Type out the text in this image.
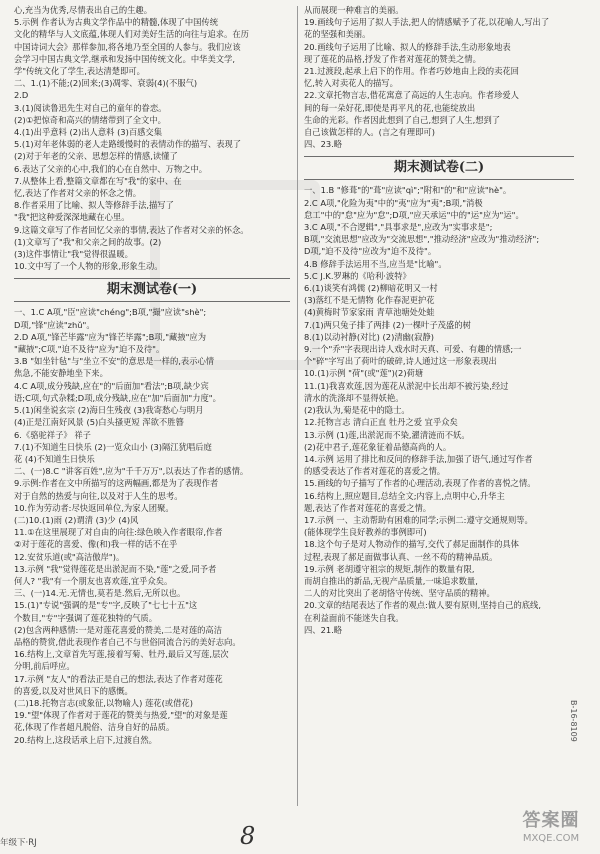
心,充当为优秀,尽情表出自己的生趣。
5.示例 作者认为古典文学作品中的精髓,体现了中国传统
文化的精华与人文底蕴,体现人们对美好生活的向往与追求。在历
中国诗词大会》那样参加,将各地乃至全国的人参与。我们应该
会学习中国古典文学,继承和发扬中国传统文化。中华美文学,
学"传统文化了学生,表达清楚即可。
二、1.(1)不能;(2)回来;(3)凋零、衰弱(4)(不服气)
2.D
3.(1)阅读鲁迅先生对自己的童年的眷恋。
(2)①把惊奇和高兴的情绪带到了全文中。
4.(1)出乎意料 (2)出人意料 (3)百感交集
5.(1)对年老体弱的老人走路缓慢时的表情动作的描写、表现了
(2)对于年老的父亲、思想怎样的情感,读懂了
6.表达了父亲的心中,我们的心在自然中、万物之中。
7.从整体上看,整篇文章都在写"我"的家中、在
忆,表达了作者对父亲的怀念之情。
8.作者采用了比喻、拟人等修辞手法,描写了
"我"把这种爱深深地藏在心里。
9.这篇文章写了作者回忆父亲的事情,表达了作者对父亲的怀念。
(1)文章写了"我"和父亲之间的故事。(2)
(3)这件事情让"我"觉得很温暖。
10.文中写了一个人物的形象,形象生动。
期末测试卷(一)
一、1.C A项,"臣"应读"chéng";B项,"撮"应读"shè";
D项,"锋"应读"zhǔ"。
2.D A项,"锋芒毕露"应为"锋芒毕露";B项,"藏掖"应为
"藏掖";C项,"迫不及待"应为"迫不及待"。
3.B "如坐针毡"与"坐立不安"的意思是一样的,表示心情
焦急,不能安静地坐下来。
4.C A项,成分残缺,应在"的"后面加"看法";B项,缺少宾
语;C项,句式杂糅;D项,成分残缺,应在"加"后面加"力度"。
5.(1)闲坐说玄宗 (2)海日生残夜 (3)我寄愁心与明月
(4)正是江南好风景 (5)白头搔更短 浑欲不胜簪
6.《骆驼祥子》 祥子
7.(1)不知道生日快乐 (2)一览众山小 (3)隔江犹唱后庭
花 (4)不知道生日快乐
二、(一)8.C "讲客百姓",应为"千千万万",以表达了作者的感情。
9.示例:作者在文中所描写的这两幅画,都是为了表现作者
对于自然的热爱与向往,以及对于人生的思考。
10.作为劳动者:尽快返回单位,为家人团聚。
(二)10.(1)雨 (2)谓清 (3)少 (4)风
11.①在这里展现了对自由的向往:绿色映入作者眼帘,作者
②对于莲花的喜爱、像(和)我一样的话不在乎
12.安贫乐道(或"高洁傲岸")。
13.示例 "我"觉得莲花是出淤泥而不染,"莲"之爱,同予者
何人? "我"有一个朋友也喜欢莲,宜乎众矣。
三、(一)14.无.无情也,莫若是.然后,无所以也。
15.(1)"专说"强调的是"专"字,反映了"七七十五"这
个数目,"专"字强调了莲花独特的气质。
(2)包含两种感情:一是对莲花喜爱的赞美,二是对莲的高洁
品格的赞赏,借此表现作者自己不与世俗同流合污的美好志向。
16.结构上,文章首先写莲,接着写菊、牡丹,最后又写莲,层次
分明,前后呼应。
17.示例 "友人"的看法正是自己的想法,表达了作者对莲花
的喜爱,以及对世风日下的感慨。
(二)18.托物言志(或象征,以物喻人) 莲花(或借花)
19."望"体现了作者对于莲花的赞美与热爱,"望"的对象是莲
花,体现了作者超凡脱俗、洁身自好的品质。
20.结构上,这段话承上启下,过渡自然。
从而展现一种难言的美丽。
19.画线句子运用了拟人手法,把人的情感赋予了花,以花喻人,写出了
花的坚强和美丽。
20.画线句子运用了比喻、拟人的修辞手法,生动形象地表
现了莲花的品格,抒发了作者对莲花的赞美之情。
21.过渡段,起承上启下的作用。作者巧妙地由上段的卖花回
忆,转入对卖花人的描写。
22.文章托物言志,借花寓意了高远的人生志向。作者珍爱人
间的每一朵好花,即使是再平凡的花,也能绽放出
生命的光彩。作者因此想到了自己,想到了人生,想到了
自己该做怎样的人。(言之有理即可)
四、23.略
期末测试卷(二)
一、1.B "修葺"的"葺"应读"qì";"附和"的"和"应读"hè"。
2.C A项,"化险为夷"中的"夷"应为"夷";B项,"消极
怠工"中的"怠"应为"怠";D项,"应天承运"中的"运"应为"运"。
3.C A项,"不合逻辑","具事求是",应改为"实事求是";
B项,"交流思想"应改为"交流思想","推动经济"应改为"推动经济";
D项,"迫不及待"应改为"迫不及待"。
4.B 修辞手法运用不当,应当是"比喻"。
5.C J.K.罗琳的《哈利·波特》
6.(1)谈笑有鸿儒 (2)柳暗花明又一村
(3)落红不是无情物 化作春泥更护花
(4)黄梅时节家家雨 青草池塘处处蛙
7.(1)两只兔子排了两排 (2)一棵叶子茂盛的树
8.(1)以动衬静(对比) (2)清幽(寂静)
9.一个"乔"字表现出诗人戏水时天真、可爱、有趣的情感;一
个"碎"字写出了荷叶的破碎,诗人通过这一形象表现出
10.(1)示例 "荷"(或"莲")(2)荷塘
11.(1)我喜欢莲,因为莲花从淤泥中长出却不被污染,经过
清水的洗涤却不显得妖艳。
(2)我认为,菊是花中的隐士。
12.托物言志 清白正直 牡丹之爱 宜乎众矣
13.示例 (1)莲,出淤泥而不染,濯清涟而不妖。
(2)花中君子,莲花象征着品德高尚的人。
14.示例 运用了排比和反问的修辞手法,加强了语气,通过写作者
的感受表达了作者对莲花的喜爱之情。
15.画线的句子描写了作者的心理活动,表现了作者的喜悦之情。
16.结构上,照应题目,总结全文;内容上,点明中心,升华主
题,表达了作者对莲花的喜爱之情。
17.示例 一、主动帮助有困难的同学;示例二:遵守交通规则等。
(能体现学生良好教养的事例即可)
18.这个句子是对人物动作的描写,交代了郝足面制作的具体
过程,表现了郝足面做事认真、一丝不苟的精神品质。
19.示例 老胡遵守祖宗的规矩,制作的数量有限,
而胡自推出的新品,无视产品质量,一味追求数量,
二人的对比突出了老胡恪守传统、坚守品质的精神。
20.文章的结尾表达了作者的观点:做人要有原则,坚持自己的底线,
在利益面前不能迷失自我。
四、21.略
年级下·RJ	8
B-16-8109
答案圈
MXQE.COM
